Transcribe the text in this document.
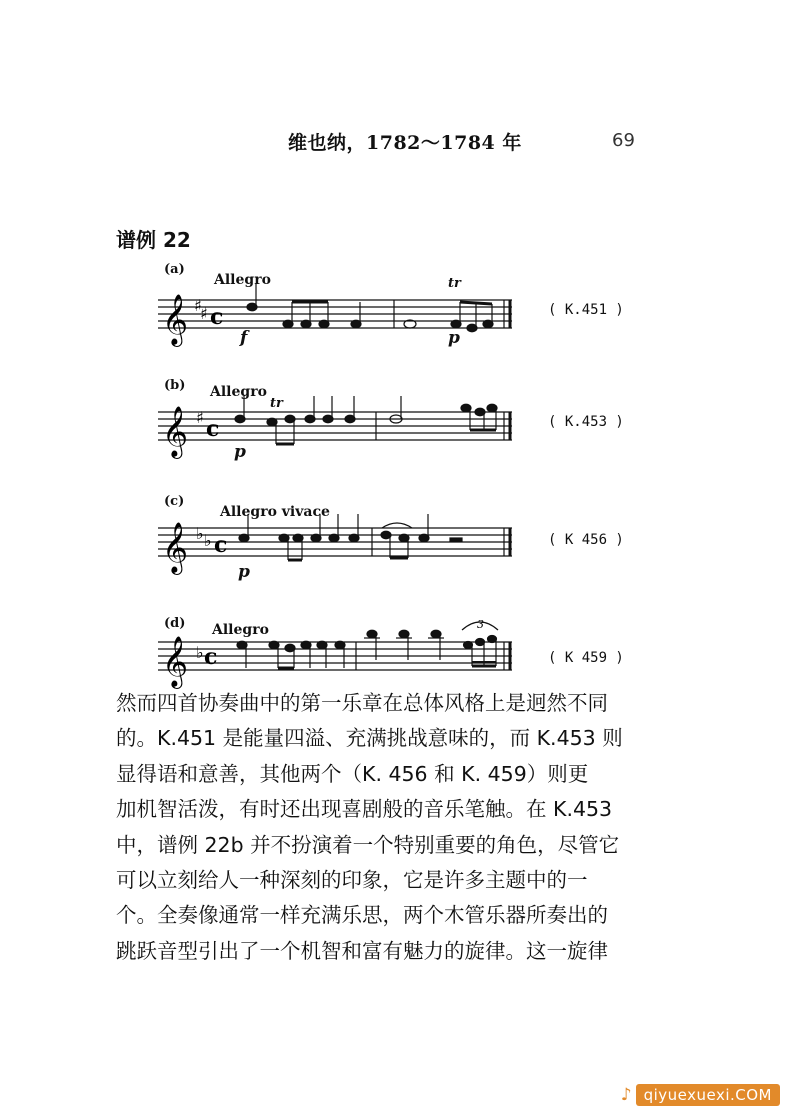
维也纳，1782～1784 年	69
谱例 22
(a)
Allegro	tr
𝄞 ♯
♯ c
f	p
( K.451 )
(b) Allegro
tr
𝄞 ♯ c
p
( K.453 )
(c)
Allegro vivace
𝄞 ♭ ♭ c
p
( K 456 )
(d) Allegro
𝄞 ♭ c
3
( K 459 )
然而四首协奏曲中的第一乐章在总体风格上是迥然不同
的。K.451 是能量四溢、充满挑战意味的，而 K.453 则
显得语和意善，其他两个（K. 456 和 K. 459）则更
加机智活泼，有时还出现喜剧般的音乐笔触。在 K.453
中，谱例 22b 并不扮演着一个特别重要的角色，尽管它
可以立刻给人一种深刻的印象，它是许多主题中的一
个。全奏像通常一样充满乐思，两个木管乐器所奏出的
跳跃音型引出了一个机智和富有魅力的旋律。这一旋律
♪ qiyuexuexi.COM
